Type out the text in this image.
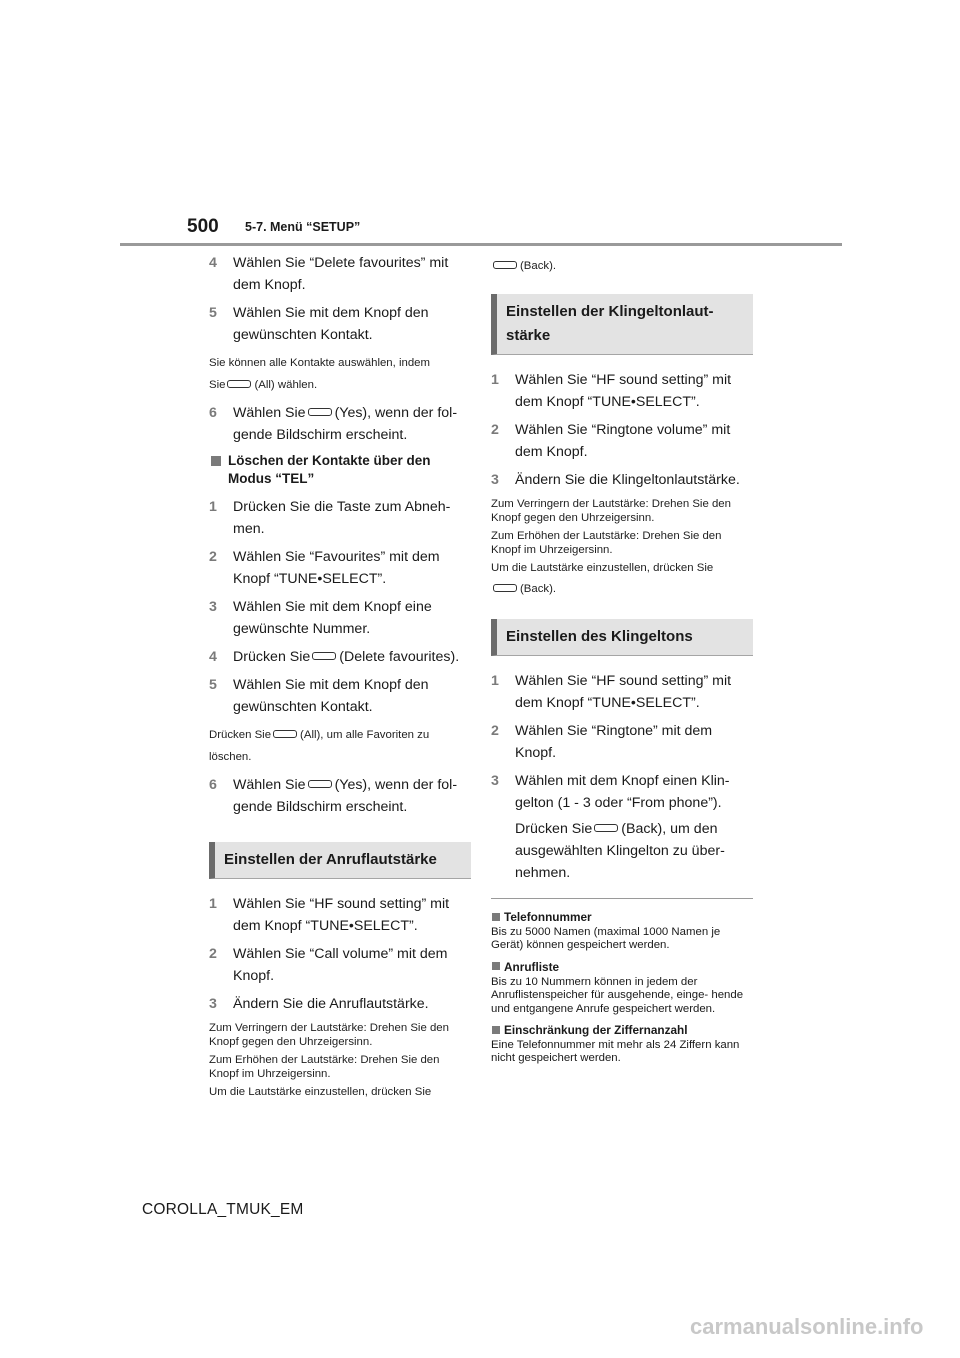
500 5-7. Menü “SETUP”
4 Wählen Sie “Delete favourites” mit
dem Knopf.
5 Wählen Sie mit dem Knopf den
gewünschten Kontakt.
Sie können alle Kontakte auswählen, indem
Sie	(All) wählen.
6 Wählen Sie (Yes), wenn der fol-
gende Bildschirm erscheint.
Löschen der Kontakte über den
Modus “TEL”
1 Drücken Sie die Taste zum Abneh-
men.
2 Wählen Sie “Favourites” mit dem
Knopf “TUNE•SELECT”.
3 Wählen Sie mit dem Knopf eine
gewünschte Nummer.
4 Drücken Sie (Delete favourites).
5 Wählen Sie mit dem Knopf den
gewünschten Kontakt.
Drücken Sie	(All), um alle Favoriten zu
löschen.
6 Wählen Sie (Yes), wenn der fol-
gende Bildschirm erscheint.
Einstellen der Anruflautstärke
1 Wählen Sie “HF sound setting” mit
dem Knopf “TUNE•SELECT”.
2 Wählen Sie “Call volume” mit dem
Knopf.
3 Ändern Sie die Anruflautstärke.
Zum Verringern der Lautstärke: Drehen Sie den Knopf gegen den Uhrzeigersinn.
Zum Erhöhen der Lautstärke: Drehen Sie den Knopf im Uhrzeigersinn.
Um die Lautstärke einzustellen, drücken Sie
(Back).
Einstellen der Klingeltonlaut-
stärke
1 Wählen Sie “HF sound setting” mit
dem Knopf “TUNE•SELECT”.
2 Wählen Sie “Ringtone volume” mit
dem Knopf.
3 Ändern Sie die Klingeltonlautstärke.
Zum Verringern der Lautstärke: Drehen Sie den Knopf gegen den Uhrzeigersinn.
Zum Erhöhen der Lautstärke: Drehen Sie den Knopf im Uhrzeigersinn.
Um die Lautstärke einzustellen, drücken Sie
(Back).
Einstellen des Klingeltons
1 Wählen Sie “HF sound setting” mit
dem Knopf “TUNE•SELECT”.
2 Wählen Sie “Ringtone” mit dem
Knopf.
3 Wählen mit dem Knopf einen Klin-
gelton (1 - 3 oder “From phone”).
Drücken Sie (Back), um den
ausgewählten Klingelton zu über-
nehmen.
Telefonnummer
Bis zu 5000 Namen (maximal 1000 Namen je Gerät) können gespeichert werden.
Anrufliste
Bis zu 10 Nummern können in jedem der Anruflistenspeicher für ausgehende, einge- hende und entgangene Anrufe gespeichert werden.
Einschränkung der Ziffernanzahl
Eine Telefonnummer mit mehr als 24 Ziffern kann nicht gespeichert werden.
COROLLA_TMUK_EM
carmanualsonline.info
